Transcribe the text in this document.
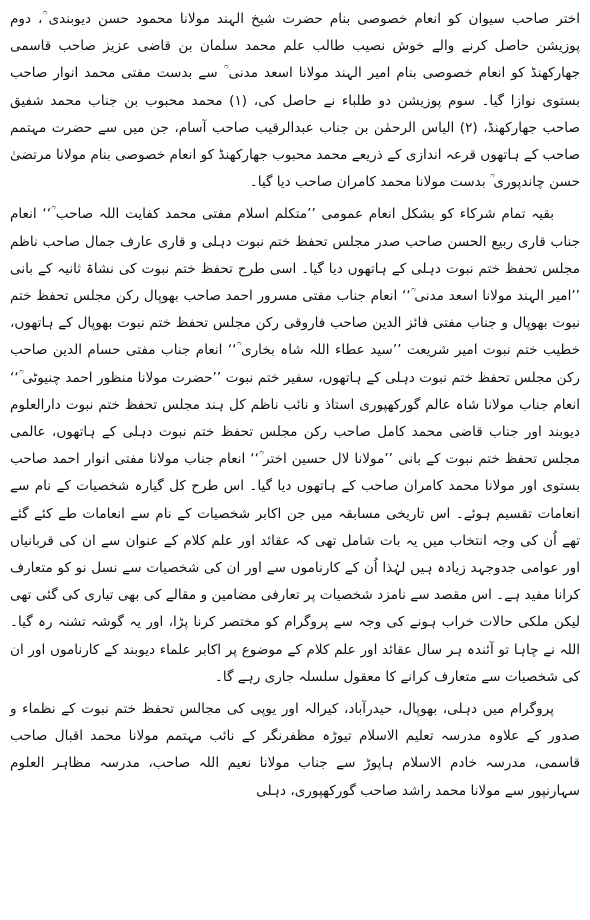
اختر صاحب سیوان کو انعام خصوصی بنام حضرت شیخ الہند مولانا محمود حسن دیوبندی ؒ، دوم پوزیشن حاصل کرنے والے خوش نصیب طالب علم محمد سلمان بن قاضی عزیز صاحب قاسمی جھارکھنڈ کو انعام خصوصی بنام امیر الہند مولانا اسعد مدنی ؒ سے بدست مفتی محمد انوار صاحب بستوی نوازا گیا۔ سوم پوزیشن دو طلباء نے حاصل کی، (۱) محمد محبوب بن جناب محمد شفیق صاحب جھارکھنڈ، (۲) الیاس الرحمٰن بن جناب عبدالرقیب صاحب آسام، جن میں سے حضرت مہتمم صاحب کے ہاتھوں قرعہ اندازی کے ذریعے محمد محبوب جھارکھنڈ کو انعام خصوصی بنام مولانا مرتضیٰ حسن چاندپوری ؒ بدست مولانا محمد کامران صاحب دیا گیا۔

بقیہ تمام شرکاء کو بشکل انعام عمومی ’’متکلم اسلام مفتی محمد کفایت اللہ صاحب ؒ‘‘ انعام جناب قاری ربیع الحسن صاحب صدر مجلس تحفظ ختم نبوت دہلی و قاری عارف جمال صاحب ناظم مجلس تحفظ ختم نبوت دہلی کے ہاتھوں دیا گیا۔ اسی طرح تحفظ ختم نبوت کی نشاۃ ثانیہ کے بانی ’’امیر الہند مولانا اسعد مدنی ؒ‘‘ انعام جناب مفتی مسرور احمد صاحب بھوپال رکن مجلس تحفظ ختم نبوت بھوپال و جناب مفتی فائز الدین صاحب فاروقی رکن مجلس تحفظ ختم نبوت بھوپال کے ہاتھوں، خطیب ختم نبوت امیر شریعت ’’سید عطاء اللہ شاہ بخاری ؒ‘‘ انعام جناب مفتی حسام الدین صاحب رکن مجلس تحفظ ختم نبوت دہلی کے ہاتھوں، سفیر ختم نبوت ’’حضرت مولانا منظور احمد چنیوٹی ؒ‘‘ انعام جناب مولانا شاہ عالم گورکھپوری استاذ و نائب ناظم کل ہند مجلس تحفظ ختم نبوت دارالعلوم دیوبند اور جناب قاضی محمد کامل صاحب رکن مجلس تحفظ ختم نبوت دہلی کے ہاتھوں، عالمی مجلس تحفظ ختم نبوت کے بانی ’’مولانا لال حسین اختر ؒ‘‘ انعام جناب مولانا مفتی انوار احمد صاحب بستوی اور مولانا محمد کامران صاحب کے ہاتھوں دیا گیا۔ اس طرح کل گیارہ شخصیات کے نام سے انعامات تقسیم ہوئے۔ اس تاریخی مسابقہ میں جن اکابر شخصیات کے نام سے انعامات طے کئے گئے تھے اُن کی وجہ انتخاب میں یہ بات شامل تھی کہ عقائد اور علم کلام کے عنوان سے ان کی قربانیاں اور عوامی جدوجہد زیادہ ہیں لہٰذا اُن کے کارناموں سے اور ان کی شخصیات سے نسل نو کو متعارف کرانا مفید ہے۔ اس مقصد سے نامزد شخصیات پر تعارفی مضامین و مقالے کی بھی تیاری کی گئی تھی لیکن ملکی حالات خراب ہونے کی وجہ سے پروگرام کو مختصر کرنا پڑا، اور یہ گوشہ تشنہ رہ گیا۔ اللہ نے چاہا تو آئندہ ہر سال عقائد اور علم کلام کے موضوع پر اکابر علماء دیوبند کے کارناموں اور ان کی شخصیات سے متعارف کرانے کا معقول سلسلہ جاری رہے گا۔

پروگرام میں دہلی، بھوپال، حیدرآباد، کیرالہ اور یوپی کی مجالس تحفظ ختم نبوت کے نظماء و صدور کے علاوہ مدرسہ تعلیم الاسلام تیوڑہ مظفرنگر کے نائب مہتمم مولانا محمد اقبال صاحب قاسمی، مدرسہ خادم الاسلام ہاپوڑ سے جناب مولانا نعیم اللہ صاحب، مدرسہ مظاہر العلوم سہارنپور سے مولانا محمد راشد صاحب گورکھپوری، دہلی
